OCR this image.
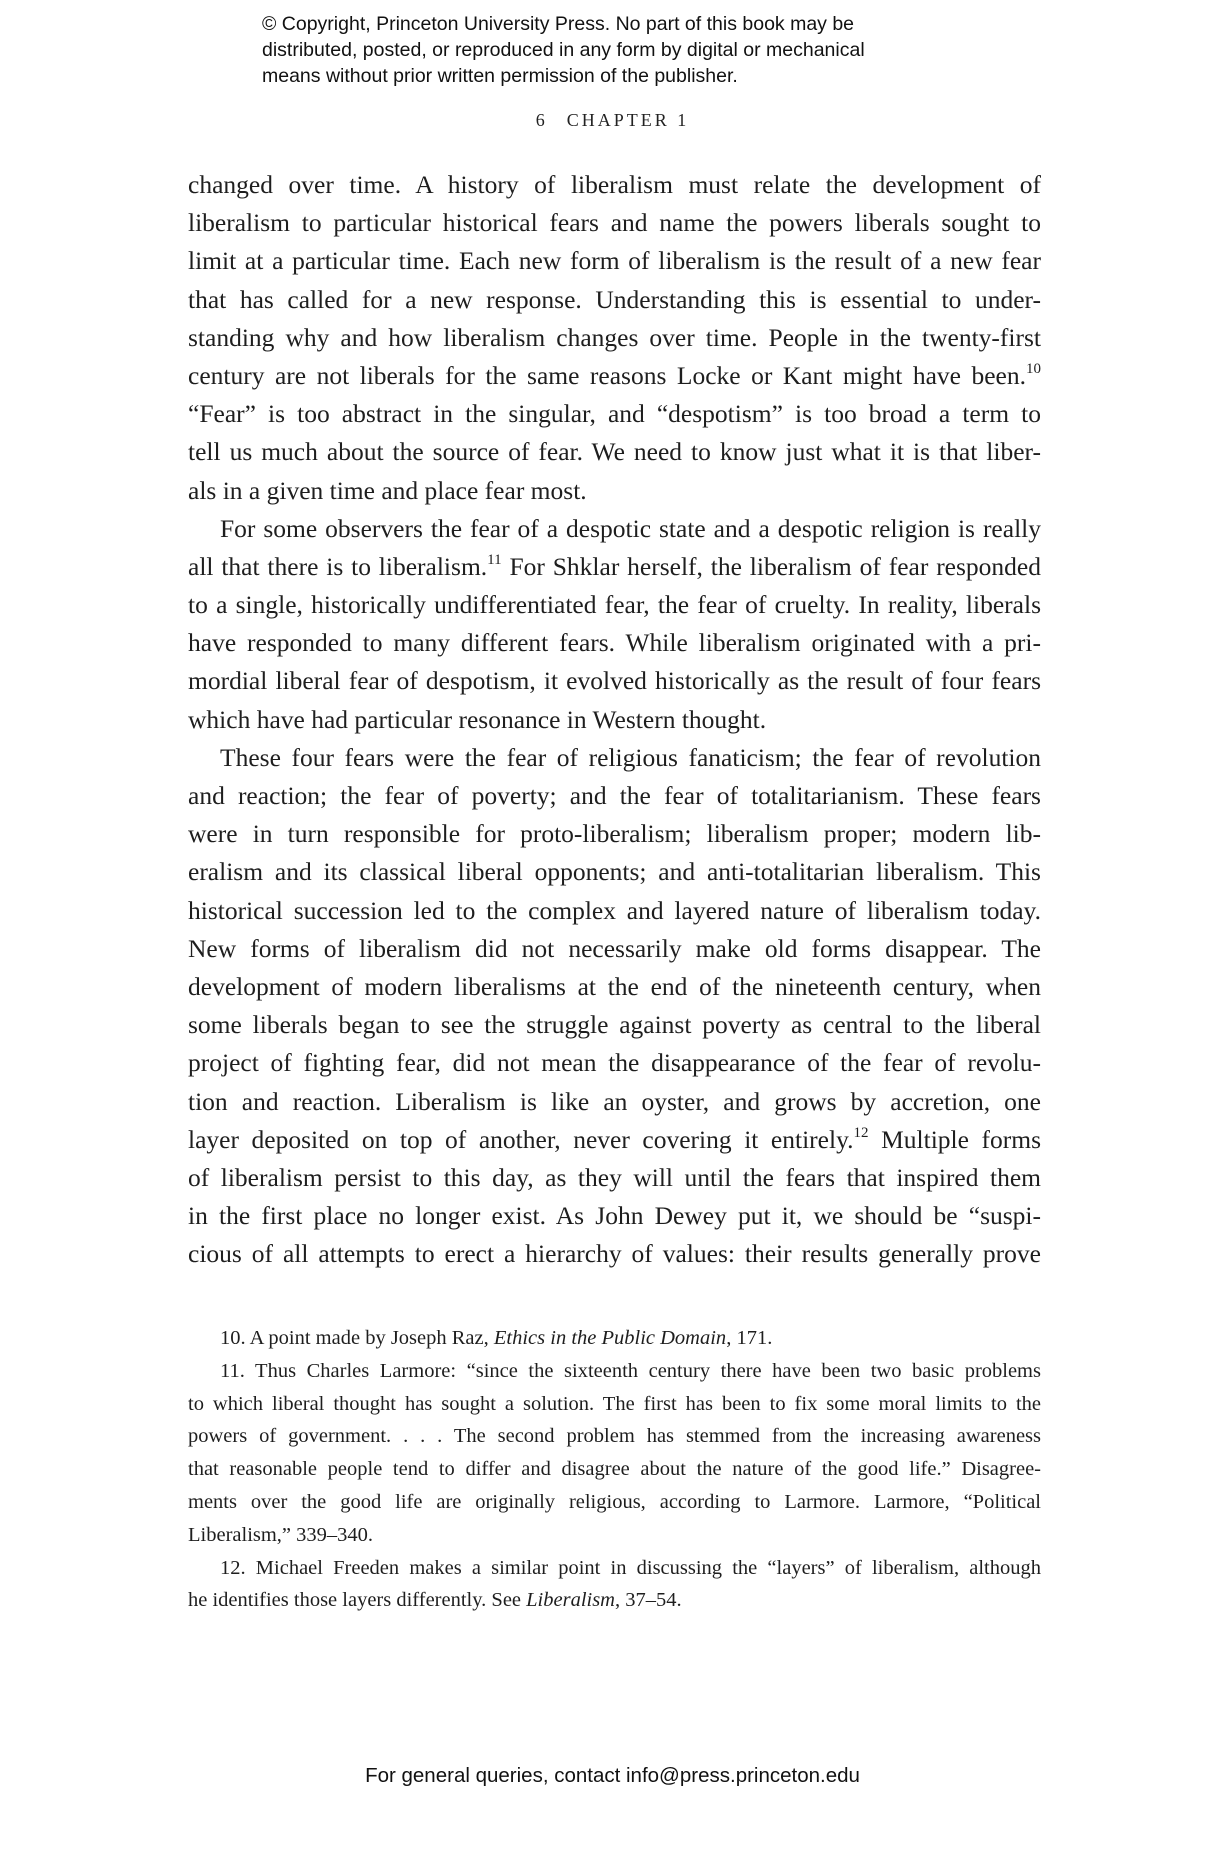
© Copyright, Princeton University Press. No part of this book may be
distributed, posted, or reproduced in any form by digital or mechanical
means without prior written permission of the publisher.
6 CHAPTER 1
changed over time. A history of liberalism must relate the development of
liberalism to particular historical fears and name the powers liberals sought to
limit at a particular time. Each new form of liberalism is the result of a new fear
that has called for a new response. Understanding this is essential to under-
standing why and how liberalism changes over time. People in the twenty-first
century are not liberals for the same reasons Locke or Kant might have been.$^{10}$
“Fear” is too abstract in the singular, and “despotism” is too broad a term to
tell us much about the source of fear. We need to know just what it is that liber-
als in a given time and place fear most.
For some observers the fear of a despotic state and a despotic religion is really
all that there is to liberalism.$^{11}$ For Shklar herself, the liberalism of fear responded
to a single, historically undifferentiated fear, the fear of cruelty. In reality, liberals
have responded to many different fears. While liberalism originated with a pri-
mordial liberal fear of despotism, it evolved historically as the result of four fears
which have had particular resonance in Western thought.
These four fears were the fear of religious fanaticism; the fear of revolution
and reaction; the fear of poverty; and the fear of totalitarianism. These fears
were in turn responsible for proto-liberalism; liberalism proper; modern lib-
eralism and its classical liberal opponents; and anti-totalitarian liberalism. This
historical succession led to the complex and layered nature of liberalism today.
New forms of liberalism did not necessarily make old forms disappear. The
development of modern liberalisms at the end of the nineteenth century, when
some liberals began to see the struggle against poverty as central to the liberal
project of fighting fear, did not mean the disappearance of the fear of revolu-
tion and reaction. Liberalism is like an oyster, and grows by accretion, one
layer deposited on top of another, never covering it entirely.$^{12}$ Multiple forms
of liberalism persist to this day, as they will until the fears that inspired them
in the first place no longer exist. As John Dewey put it, we should be “suspi-
cious of all attempts to erect a hierarchy of values: their results generally prove
10. A point made by Joseph Raz, Ethics in the Public Domain, 171.
11. Thus Charles Larmore: “since the sixteenth century there have been two basic problems
to which liberal thought has sought a solution. The first has been to fix some moral limits to the
powers of government. . . . The second problem has stemmed from the increasing awareness
that reasonable people tend to differ and disagree about the nature of the good life.” Disagree-
ments over the good life are originally religious, according to Larmore. Larmore, “Political
Liberalism,” 339–340.
12. Michael Freeden makes a similar point in discussing the “layers” of liberalism, although
he identifies those layers differently. See Liberalism, 37–54.
For general queries, contact info@press.princeton.edu
